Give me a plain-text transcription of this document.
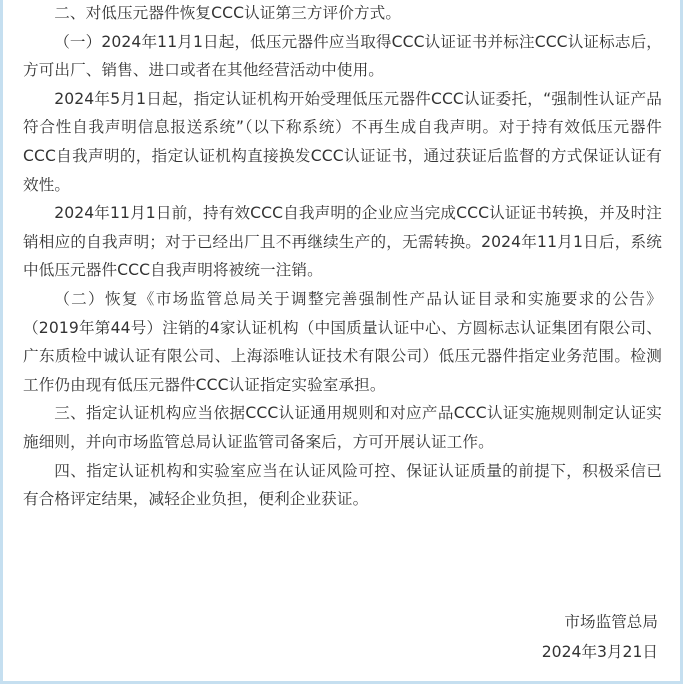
二、对低压元器件恢复CCC认证第三方评价方式。

（一）2024年11月1日起，低压元器件应当取得CCC认证证书并标注CCC认证标志后，方可出厂、销售、进口或者在其他经营活动中使用。

2024年5月1日起，指定认证机构开始受理低压元器件CCC认证委托，“强制性认证产品符合性自我声明信息报送系统”（以下称系统）不再生成自我声明。对于持有效低压元器件CCC自我声明的，指定认证机构直接换发CCC认证证书，通过获证后监督的方式保证认证有效性。

2024年11月1日前，持有效CCC自我声明的企业应当完成CCC认证证书转换，并及时注销相应的自我声明；对于已经出厂且不再继续生产的，无需转换。2024年11月1日后，系统中低压元器件CCC自我声明将被统一注销。

（二）恢复《市场监管总局关于调整完善强制性产品认证目录和实施要求的公告》（2019年第44号）注销的4家认证机构（中国质量认证中心、方圆标志认证集团有限公司、广东质检中诚认证有限公司、上海添唯认证技术有限公司）低压元器件指定业务范围。检测工作仍由现有低压元器件CCC认证指定实验室承担。

三、指定认证机构应当依据CCC认证通用规则和对应产品CCC认证实施规则制定认证实施细则，并向市场监管总局认证监管司备案后，方可开展认证工作。

四、指定认证机构和实验室应当在认证风险可控、保证认证质量的前提下，积极采信已有合格评定结果，减轻企业负担，便利企业获证。

市场监管总局
2024年3月21日
